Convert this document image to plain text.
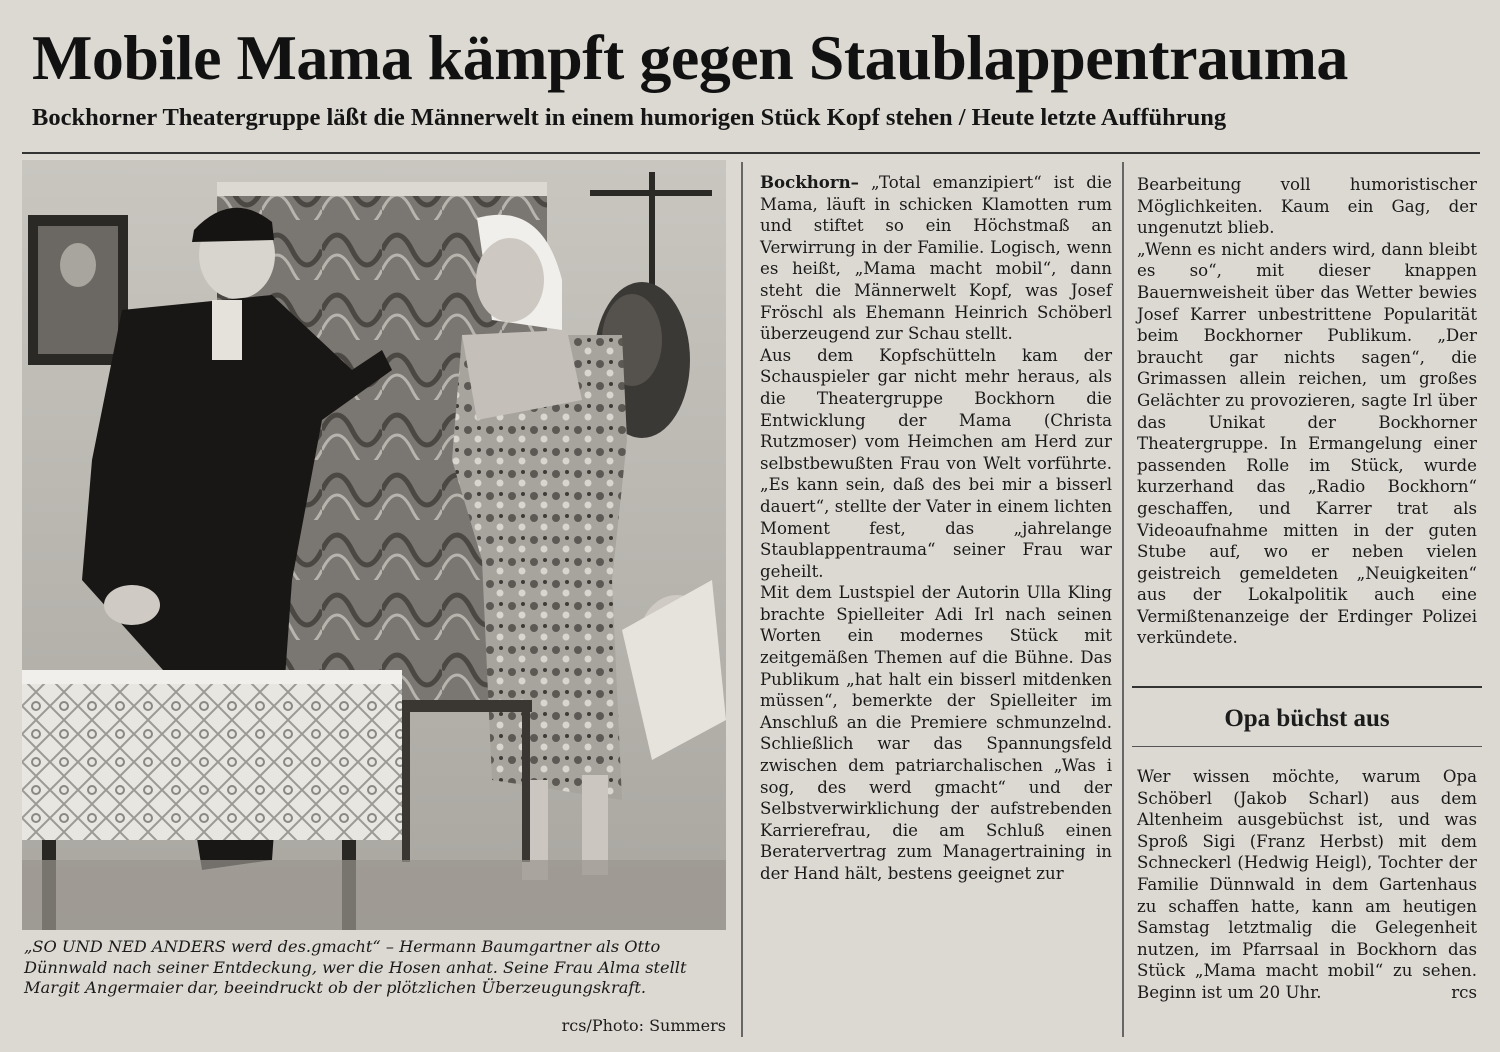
Mobile Mama kämpft gegen Staublappentrauma
Bockhorner Theatergruppe läßt die Männerwelt in einem humorigen Stück Kopf stehen / Heute letzte Aufführung
„SO UND NED ANDERS werd des.gmacht“ – Hermann Baumgartner als Otto Dünnwald nach seiner Entdeckung, wer die Hosen anhat. Seine Frau Alma stellt Margit Angermaier dar, beeindruckt ob der plötzlichen Überzeugungskraft.
rcs/Photo: Summers

Bockhorn– „Total emanzipiert“ ist die Mama, läuft in schicken Klamotten rum und stiftet so ein Höchstmaß an Verwirrung in der Familie. Logisch, wenn es heißt, „Mama macht mobil“, dann steht die Männerwelt Kopf, was Josef Fröschl als Ehemann Heinrich Schöberl überzeugend zur Schau stellt.

Aus dem Kopfschütteln kam der Schauspieler gar nicht mehr heraus, als die Theatergruppe Bockhorn die Entwicklung der Mama (Christa Rutzmoser) vom Heimchen am Herd zur selbstbewußten Frau von Welt vorführte. „Es kann sein, daß des bei mir a bisserl dauert“, stellte der Vater in einem lichten Moment fest, das „jahrelange Staublappentrauma“ seiner Frau war geheilt.

Mit dem Lustspiel der Autorin Ulla Kling brachte Spielleiter Adi Irl nach seinen Worten ein modernes Stück mit zeitgemäßen Themen auf die Bühne. Das Publikum „hat halt ein bisserl mitdenken müssen“, bemerkte der Spielleiter im Anschluß an die Premiere schmunzelnd. Schließlich war das Spannungsfeld zwischen dem patriarchalischen „Was i sog, des werd gmacht“ und der Selbstverwirklichung der aufstrebenden Karrierefrau, die am Schluß einen Beratervertrag zum Managertraining in der Hand hält, bestens geeignet zur

Bearbeitung voll humoristischer Möglichkeiten. Kaum ein Gag, der ungenutzt blieb.

„Wenn es nicht anders wird, dann bleibt es so“, mit dieser knappen Bauernweisheit über das Wetter bewies Josef Karrer unbestrittene Popularität beim Bockhorner Publikum. „Der braucht gar nichts sagen“, die Grimassen allein reichen, um großes Gelächter zu provozieren, sagte Irl über das Unikat der Bockhorner Theatergruppe. In Ermangelung einer passenden Rolle im Stück, wurde kurzerhand das „Radio Bockhorn“ geschaffen, und Karrer trat als Videoaufnahme mitten in der guten Stube auf, wo er neben vielen geistreich gemeldeten „Neuigkeiten“ aus der Lokalpolitik auch eine Vermißtenanzeige der Erdinger Polizei verkündete.

Opa büchst aus

Wer wissen möchte, warum Opa Schöberl (Jakob Scharl) aus dem Altenheim ausgebüchst ist, und was Sproß Sigi (Franz Herbst) mit dem Schneckerl (Hedwig Heigl), Tochter der Familie Dünnwald in dem Gartenhaus zu schaffen hatte, kann am heutigen Samstag letztmalig die Gelegenheit nutzen, im Pfarrsaal in Bockhorn das Stück „Mama macht mobil“ zu sehen. Beginn ist um 20 Uhr.	rcs
